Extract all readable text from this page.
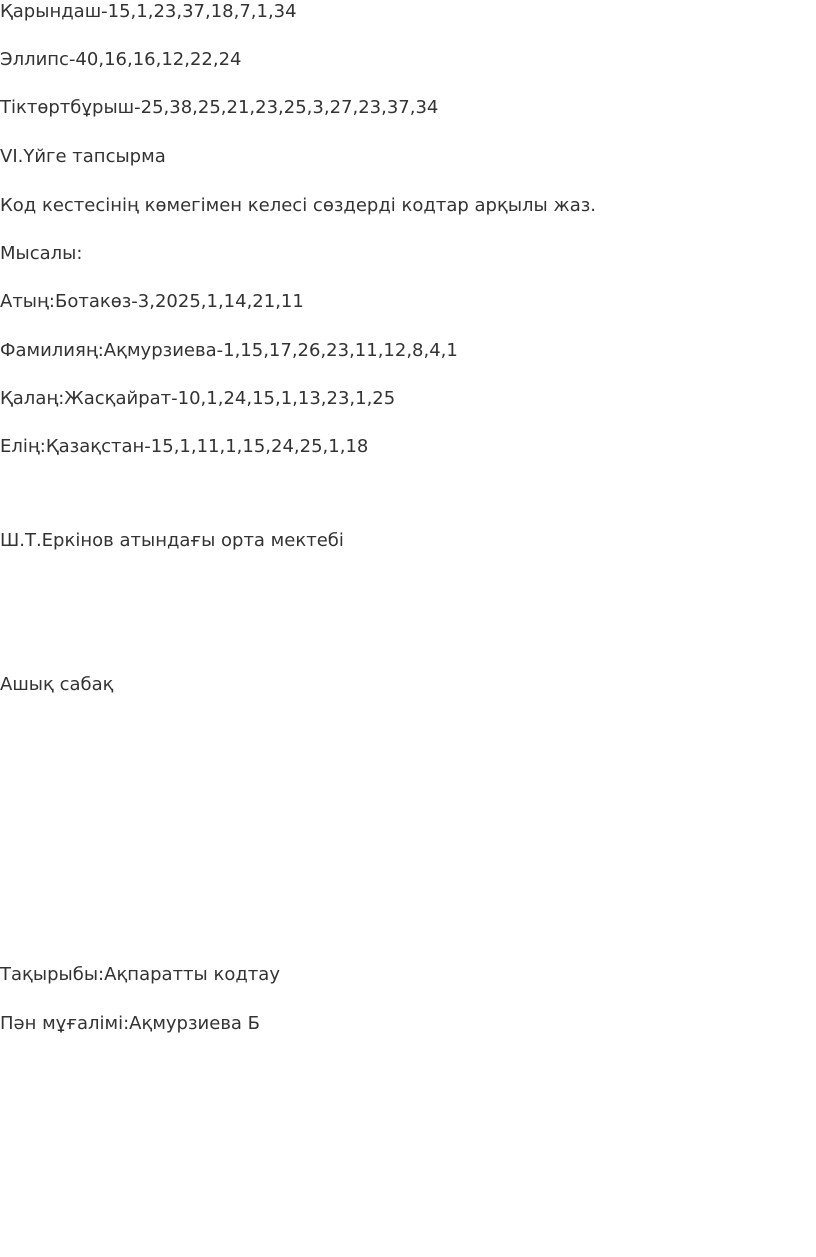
Қарындаш-15,1,23,37,18,7,1,34

Эллипс-40,16,16,12,22,24

Тіктөртбұрыш-25,38,25,21,23,25,3,27,23,37,34

VI.Үйге тапсырма

Код кестесінің көмегімен келесі сөздерді кодтар арқылы жаз.

Мысалы:

Атың:Ботакөз-3,2025,1,14,21,11

Фамилияң:Ақмурзиева-1,15,17,26,23,11,12,8,4,1

Қалаң:Жасқайрат-10,1,24,15,1,13,23,1,25

Елің:Қазақстан-15,1,11,1,15,24,25,1,18

Ш.Т.Еркінов атындағы орта мектебі

Ашық сабақ

Тақырыбы:Ақпаратты кодтау

Пән мұғалімі:Ақмурзиева Б
